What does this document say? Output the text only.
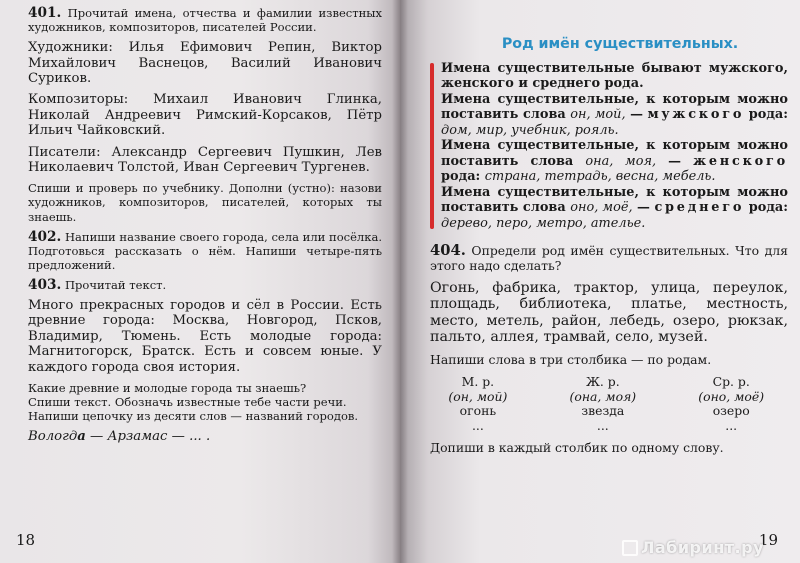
401. Прочитай имена, отчества и фамилии известных художников, композиторов, писателей России.

Художники: Илья Ефимович Репин, Виктор Михайлович Васнецов, Василий Иванович Суриков.

Композиторы: Михаил Иванович Глинка, Николай Андреевич Римский-Корсаков, Пётр Ильич Чайковский.

Писатели: Александр Сергеевич Пушкин, Лев Николаевич Толстой, Иван Сергеевич Тургенев.

Спиши и проверь по учебнику. Дополни (устно): назови художников, композиторов, писателей, которых ты знаешь.

402. Напиши название своего города, села или посёлка. Подготовься рассказать о нём. Напиши четыре-пять предложений.

403. Прочитай текст.

Много прекрасных городов и сёл в России. Есть древние города: Москва, Новгород, Псков, Владимир, Тюмень. Есть молодые города: Магнитогорск, Братск. Есть и совсем юные. У каждого города своя история.

Какие древние и молодые города ты знаешь?

Спиши текст. Обозначь известные тебе части речи.

Напиши цепочку из десяти слов — названий городов.

Вологда — Арзамас — ... .

18
Род имён существительных.

Имена существительные бывают мужского, женского и среднего рода.

Имена существительные, к которым можно поставить слова он, мой, — мужского рода: дом, мир, учебник, рояль.

Имена существительные, к которым можно поставить слова она, моя, — женского рода: страна, тетрадь, весна, мебель.

Имена существительные, к которым можно поставить слова оно, моё, — среднего рода: дерево, перо, метро, ателье.

404. Определи род имён существительных. Что для этого надо сделать?

Огонь, фабрика, трактор, улица, переулок, площадь, библиотека, платье, местность, место, метель, район, лебедь, озеро, рюкзак, пальто, аллея, трамвай, село, музей.

Напиши слова в три столбика — по родам.

М. р.
(он, мой)
огонь
...
Ж. р.
(она, моя)
звезда
...
Ср. р.
(оно, моё)
озеро
...

Допиши в каждый столбик по одному слову.

19
Лабиринт.ру
